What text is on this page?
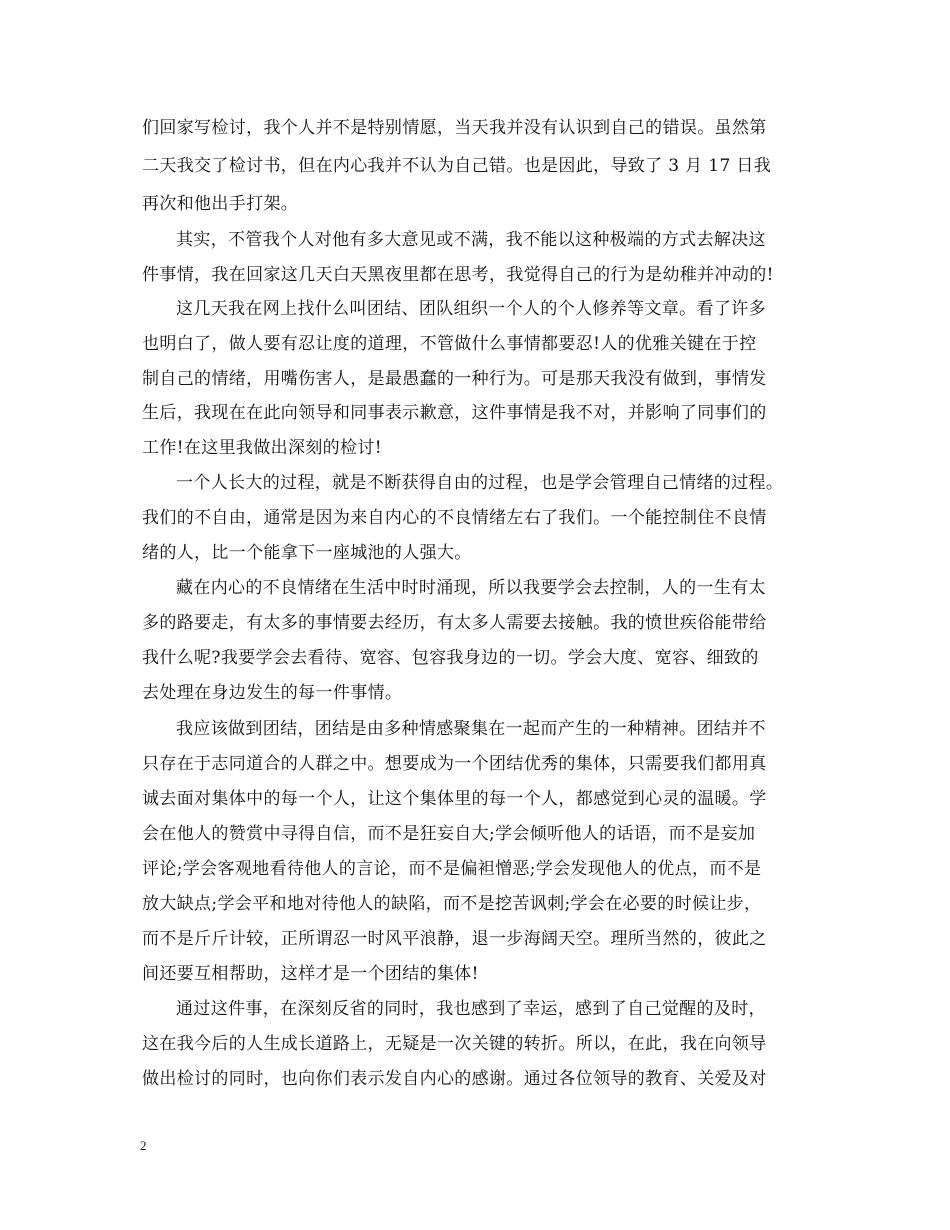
们回家写检讨，我个人并不是特别情愿，当天我并没有认识到自己的错误。虽然第
二天我交了检讨书，但在内心我并不认为自己错。也是因此，导致了 3 月 17 日我
再次和他出手打架。
其实，不管我个人对他有多大意见或不满，我不能以这种极端的方式去解决这
件事情，我在回家这几天白天黑夜里都在思考，我觉得自己的行为是幼稚并冲动的!
这几天我在网上找什么叫团结、团队组织一个人的个人修养等文章。看了许多
也明白了，做人要有忍让度的道理，不管做什么事情都要忍!人的优雅关键在于控
制自己的情绪，用嘴伤害人，是最愚蠢的一种行为。可是那天我没有做到，事情发
生后，我现在在此向领导和同事表示歉意，这件事情是我不对，并影响了同事们的
工作!在这里我做出深刻的检讨!
一个人长大的过程，就是不断获得自由的过程，也是学会管理自己情绪的过程。
我们的不自由，通常是因为来自内心的不良情绪左右了我们。一个能控制住不良情
绪的人，比一个能拿下一座城池的人强大。
藏在内心的不良情绪在生活中时时涌现，所以我要学会去控制，人的一生有太
多的路要走，有太多的事情要去经历，有太多人需要去接触。我的愤世疾俗能带给
我什么呢?我要学会去看待、宽容、包容我身边的一切。学会大度、宽容、细致的
去处理在身边发生的每一件事情。
我应该做到团结，团结是由多种情感聚集在一起而产生的一种精神。团结并不
只存在于志同道合的人群之中。想要成为一个团结优秀的集体，只需要我们都用真
诚去面对集体中的每一个人，让这个集体里的每一个人，都感觉到心灵的温暖。学
会在他人的赞赏中寻得自信，而不是狂妄自大;学会倾听他人的话语，而不是妄加
评论;学会客观地看待他人的言论，而不是偏袒憎恶;学会发现他人的优点，而不是
放大缺点;学会平和地对待他人的缺陷，而不是挖苦讽刺;学会在必要的时候让步，
而不是斤斤计较，正所谓忍一时风平浪静，退一步海阔天空。理所当然的，彼此之
间还要互相帮助，这样才是一个团结的集体!
通过这件事，在深刻反省的同时，我也感到了幸运，感到了自己觉醒的及时，
这在我今后的人生成长道路上，无疑是一次关键的转折。所以，在此，我在向领导
做出检讨的同时，也向你们表示发自内心的感谢。通过各位领导的教育、关爱及对
2
